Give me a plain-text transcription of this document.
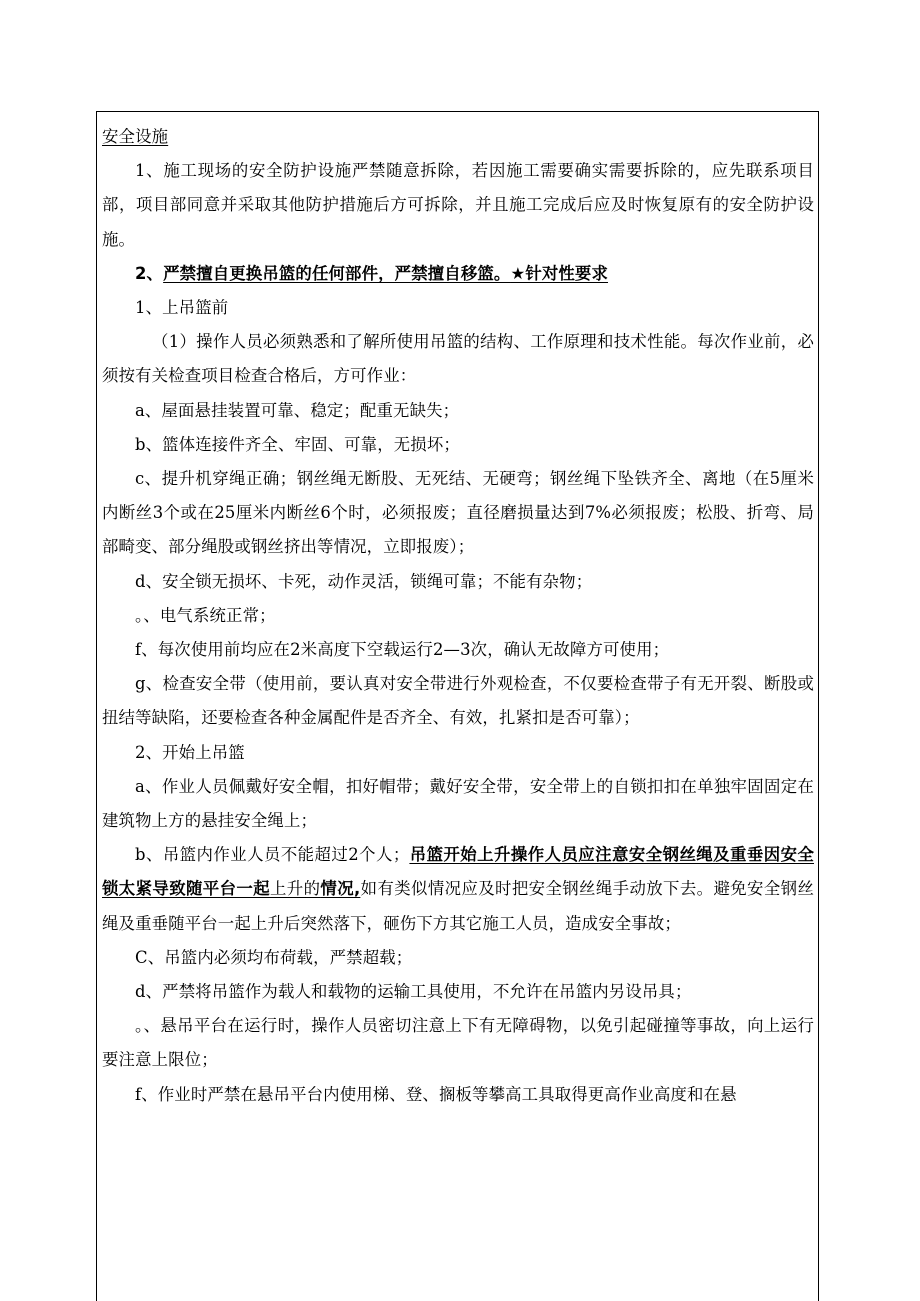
安全设施

1、施工现场的安全防护设施严禁随意拆除，若因施工需要确实需要拆除的，应先联系项目部，项目部同意并采取其他防护措施后方可拆除，并且施工完成后应及时恢复原有的安全防护设施。

2、严禁擅自更换吊篮的任何部件，严禁擅自移篮。★针对性要求

1、上吊篮前

（1）操作人员必须熟悉和了解所使用吊篮的结构、工作原理和技术性能。每次作业前，必须按有关检查项目检查合格后，方可作业：

a、屋面悬挂装置可靠、稳定；配重无缺失；

b、篮体连接件齐全、牢固、可靠，无损坏；

c、提升机穿绳正确；钢丝绳无断股、无死结、无硬弯；钢丝绳下坠铁齐全、离地（在5厘米内断丝3个或在25厘米内断丝6个时，必须报废；直径磨损量达到7%必须报废；松股、折弯、局部畸变、部分绳股或钢丝挤出等情况，立即报废）；

d、安全锁无损坏、卡死，动作灵活，锁绳可靠；不能有杂物；

。、电气系统正常；

f、每次使用前均应在2米高度下空载运行2—3次，确认无故障方可使用；

g、检查安全带（使用前，要认真对安全带进行外观检查，不仅要检查带子有无开裂、断股或扭结等缺陷，还要检查各种金属配件是否齐全、有效，扎紧扣是否可靠）；

2、开始上吊篮

a、作业人员佩戴好安全帽，扣好帽带；戴好安全带，安全带上的自锁扣扣在单独牢固固定在建筑物上方的悬挂安全绳上；

b、吊篮内作业人员不能超过2个人；吊篮开始上升操作人员应注意安全钢丝绳及重垂因安全锁太紧导致随平台一起上升的情况,如有类似情况应及时把安全钢丝绳手动放下去。避免安全钢丝绳及重垂随平台一起上升后突然落下，砸伤下方其它施工人员，造成安全事故；

C、吊篮内必须均布荷载，严禁超载；

d、严禁将吊篮作为载人和载物的运输工具使用，不允许在吊篮内另设吊具；

。、悬吊平台在运行时，操作人员密切注意上下有无障碍物，以免引起碰撞等事故，向上运行要注意上限位；

f、作业时严禁在悬吊平台内使用梯、登、搁板等攀高工具取得更高作业高度和在悬
